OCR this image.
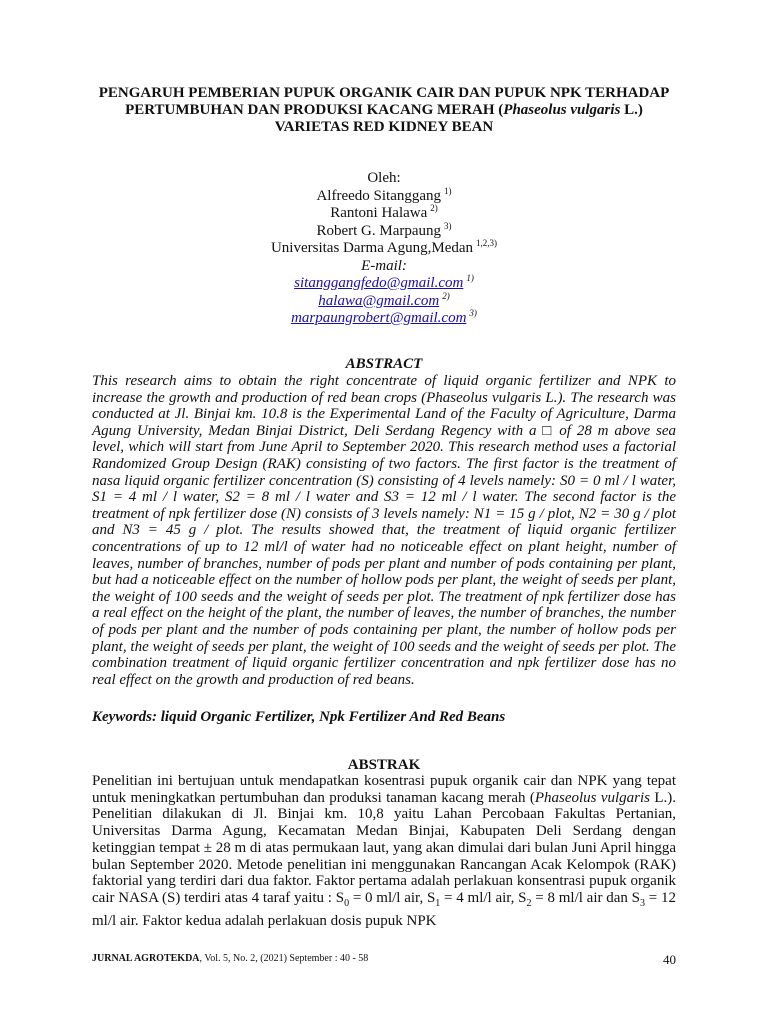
PENGARUH PEMBERIAN PUPUK ORGANIK CAIR DAN PUPUK NPK TERHADAP
PERTUMBUHAN DAN PRODUKSI KACANG MERAH (Phaseolus vulgaris L.)
VARIETAS RED KIDNEY BEAN
Oleh:
Alfreedo Sitanggang $^{1)}$
Rantoni Halawa $^{2)}$
Robert G. Marpaung $^{3)}$
Universitas Darma Agung,Medan $^{1,2,3)}$
E-mail:
sitanggangfedo@gmail.com $^{1)}$
halawa@gmail.com $^{2)}$
marpaungrobert@gmail.com $^{3)}$
ABSTRACT
This research aims to obtain the right concentrate of liquid organic fertilizer and NPK to increase the growth and production of red bean crops (Phaseolus vulgaris L.). The research was conducted at Jl. Binjai km. 10.8 is the Experimental Land of the Faculty of Agriculture, Darma Agung University, Medan Binjai District, Deli Serdang Regency with a □ of 28 m above sea level, which will start from June April to September 2020. This research method uses a factorial Randomized Group Design (RAK) consisting of two factors. The first factor is the treatment of nasa liquid organic fertilizer concentration (S) consisting of 4 levels namely: S0 = 0 ml / l water, S1 = 4 ml / l water, S2 = 8 ml / l water and S3 = 12 ml / l water. The second factor is the treatment of npk fertilizer dose (N) consists of 3 levels namely: N1 = 15 g / plot, N2 = 30 g / plot and N3 = 45 g / plot. The results showed that, the treatment of liquid organic fertilizer concentrations of up to 12 ml/l of water had no noticeable effect on plant height, number of leaves, number of branches, number of pods per plant and number of pods containing per plant, but had a noticeable effect on the number of hollow pods per plant, the weight of seeds per plant, the weight of 100 seeds and the weight of seeds per plot. The treatment of npk fertilizer dose has a real effect on the height of the plant, the number of leaves, the number of branches, the number of pods per plant and the number of pods containing per plant, the number of hollow pods per plant, the weight of seeds per plant, the weight of 100 seeds and the weight of seeds per plot. The combination treatment of liquid organic fertilizer concentration and npk fertilizer dose has no real effect on the growth and production of red beans.
Keywords: liquid Organic Fertilizer, Npk Fertilizer And Red Beans
ABSTRAK
Penelitian ini bertujuan untuk mendapatkan kosentrasi pupuk organik cair dan NPK yang tepat untuk meningkatkan pertumbuhan dan produksi tanaman kacang merah (Phaseolus vulgaris L.). Penelitian dilakukan di Jl. Binjai km. 10,8 yaitu Lahan Percobaan Fakultas Pertanian, Universitas Darma Agung, Kecamatan Medan Binjai, Kabupaten Deli Serdang dengan ketinggian tempat ± 28 m di atas permukaan laut, yang akan dimulai dari bulan Juni April hingga bulan September 2020. Metode penelitian ini menggunakan Rancangan Acak Kelompok (RAK) faktorial yang terdiri dari dua faktor. Faktor pertama adalah perlakuan konsentrasi pupuk organik cair NASA (S) terdiri atas 4 taraf yaitu : $S_0 = 0$ ml/l air, $S_1 = 4$ ml/l air, $S_2 = 8$ ml/l air dan $S_3 = 12$ ml/l air. Faktor kedua adalah perlakuan dosis pupuk NPK
JURNAL AGROTEKDA, Vol. 5, No. 2, (2021) September : 40 - 58	40
